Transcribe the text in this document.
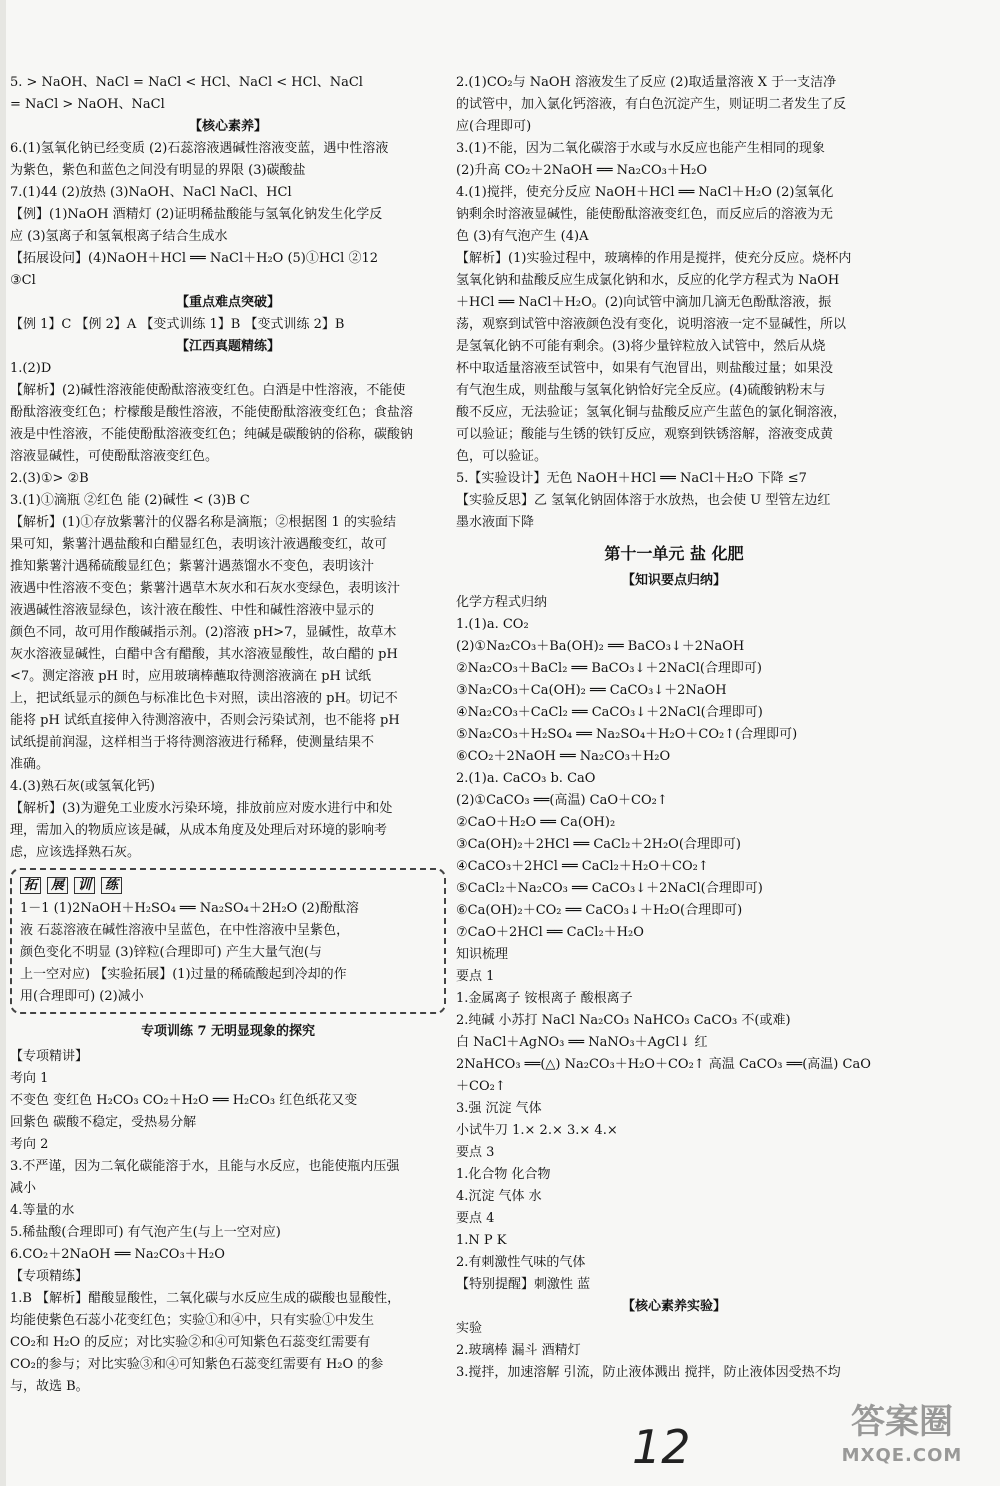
5. > NaOH、NaCl = NaCl < HCl、NaCl < HCl、NaCl
= NaCl > NaOH、NaCl
【核心素养】
6.(1)氢氧化钠已经变质 (2)石蕊溶液遇碱性溶液变蓝，遇中性溶液
为紫色，紫色和蓝色之间没有明显的界限 (3)碳酸盐
7.(1)44 (2)放热 (3)NaOH、NaCl NaCl、HCl
【例】(1)NaOH 酒精灯 (2)证明稀盐酸能与氢氧化钠发生化学反
应 (3)氢离子和氢氧根离子结合生成水
【拓展设问】(4)NaOH＋HCl ══ NaCl＋H₂O (5)①HCl ②12
③Cl
【重点难点突破】
【例 1】C 【例 2】A 【变式训练 1】B 【变式训练 2】B
【江西真题精练】
1.(2)D
【解析】(2)碱性溶液能使酚酞溶液变红色。白酒是中性溶液，不能使
酚酞溶液变红色；柠檬酸是酸性溶液，不能使酚酞溶液变红色；食盐溶
液是中性溶液，不能使酚酞溶液变红色；纯碱是碳酸钠的俗称，碳酸钠
溶液显碱性，可使酚酞溶液变红色。
2.(3)①> ②B
3.(1)①滴瓶 ②红色 能 (2)碱性 < (3)B C
【解析】(1)①存放紫薯汁的仪器名称是滴瓶；②根据图 1 的实验结
果可知，紫薯汁遇盐酸和白醋显红色，表明该汁液遇酸变红，故可
推知紫薯汁遇稀硫酸显红色；紫薯汁遇蒸馏水不变色，表明该汁
液遇中性溶液不变色；紫薯汁遇草木灰水和石灰水变绿色，表明该汁
液遇碱性溶液显绿色，该汁液在酸性、中性和碱性溶液中显示的
颜色不同，故可用作酸碱指示剂。(2)溶液 pH>7，显碱性，故草木
灰水溶液显碱性，白醋中含有醋酸，其水溶液显酸性，故白醋的 pH
<7。测定溶液 pH 时，应用玻璃棒蘸取待测溶液滴在 pH 试纸
上，把试纸显示的颜色与标准比色卡对照，读出溶液的 pH。切记不
能将 pH 试纸直接伸入待测溶液中，否则会污染试剂，也不能将 pH
试纸提前润湿，这样相当于将待测溶液进行稀释，使测量结果不
准确。
4.(3)熟石灰(或氢氧化钙)
【解析】(3)为避免工业废水污染环境，排放前应对废水进行中和处
理，需加入的物质应该是碱，从成本角度及处理后对环境的影响考
虑，应该选择熟石灰。
拓 展 训 练
1－1 (1)2NaOH＋H₂SO₄ ══ Na₂SO₄＋2H₂O (2)酚酞溶
液 石蕊溶液在碱性溶液中呈蓝色，在中性溶液中呈紫色，
颜色变化不明显 (3)锌粒(合理即可) 产生大量气泡(与
上一空对应) 【实验拓展】(1)过量的稀硫酸起到冷却的作
用(合理即可) (2)减小
专项训练 7 无明显现象的探究
【专项精讲】
考向 1
不变色 变红色 H₂CO₃ CO₂＋H₂O ══ H₂CO₃ 红色纸花又变
回紫色 碳酸不稳定，受热易分解
考向 2
3.不严谨，因为二氧化碳能溶于水，且能与水反应，也能使瓶内压强
减小
4.等量的水
5.稀盐酸(合理即可) 有气泡产生(与上一空对应)
6.CO₂＋2NaOH ══ Na₂CO₃＋H₂O
【专项精练】
1.B 【解析】醋酸显酸性，二氧化碳与水反应生成的碳酸也显酸性，
均能使紫色石蕊小花变红色；实验①和④中，只有实验①中发生
CO₂和 H₂O 的反应；对比实验②和④可知紫色石蕊变红需要有
CO₂的参与；对比实验③和④可知紫色石蕊变红需要有 H₂O 的参
与，故选 B。
2.(1)CO₂与 NaOH 溶液发生了反应 (2)取适量溶液 X 于一支洁净
的试管中，加入氯化钙溶液，有白色沉淀产生，则证明二者发生了反
应(合理即可)
3.(1)不能，因为二氧化碳溶于水或与水反应也能产生相同的现象
(2)升高 CO₂＋2NaOH ══ Na₂CO₃＋H₂O
4.(1)搅拌，使充分反应 NaOH＋HCl ══ NaCl＋H₂O (2)氢氧化
钠剩余时溶液显碱性，能使酚酞溶液变红色，而反应后的溶液为无
色 (3)有气泡产生 (4)A
【解析】(1)实验过程中，玻璃棒的作用是搅拌，使充分反应。烧杯内
氢氧化钠和盐酸反应生成氯化钠和水，反应的化学方程式为 NaOH
＋HCl ══ NaCl＋H₂O。(2)向试管中滴加几滴无色酚酞溶液，振
荡，观察到试管中溶液颜色没有变化，说明溶液一定不显碱性，所以
是氢氧化钠不可能有剩余。(3)将少量锌粒放入试管中，然后从烧
杯中取适量溶液至试管中，如果有气泡冒出，则盐酸过量；如果没
有气泡生成，则盐酸与氢氧化钠恰好完全反应。(4)硫酸钠粉末与
酸不反应，无法验证；氢氧化铜与盐酸反应产生蓝色的氯化铜溶液，
可以验证；酸能与生锈的铁钉反应，观察到铁锈溶解，溶液变成黄
色，可以验证。
5.【实验设计】无色 NaOH＋HCl ══ NaCl＋H₂O 下降 ≤7
【实验反思】乙 氢氧化钠固体溶于水放热，也会使 U 型管左边红
墨水液面下降
第十一单元 盐 化肥
【知识要点归纳】
化学方程式归纳
1.(1)a. CO₂
(2)①Na₂CO₃＋Ba(OH)₂ ══ BaCO₃↓＋2NaOH
②Na₂CO₃＋BaCl₂ ══ BaCO₃↓＋2NaCl(合理即可)
③Na₂CO₃＋Ca(OH)₂ ══ CaCO₃↓＋2NaOH
④Na₂CO₃＋CaCl₂ ══ CaCO₃↓＋2NaCl(合理即可)
⑤Na₂CO₃＋H₂SO₄ ══ Na₂SO₄＋H₂O＋CO₂↑(合理即可)
⑥CO₂＋2NaOH ══ Na₂CO₃＋H₂O
2.(1)a. CaCO₃ b. CaO
(2)①CaCO₃ ══(高温) CaO＋CO₂↑
②CaO＋H₂O ══ Ca(OH)₂
③Ca(OH)₂＋2HCl ══ CaCl₂＋2H₂O(合理即可)
④CaCO₃＋2HCl ══ CaCl₂＋H₂O＋CO₂↑
⑤CaCl₂＋Na₂CO₃ ══ CaCO₃↓＋2NaCl(合理即可)
⑥Ca(OH)₂＋CO₂ ══ CaCO₃↓＋H₂O(合理即可)
⑦CaO＋2HCl ══ CaCl₂＋H₂O
知识梳理
要点 1
1.金属离子 铵根离子 酸根离子
2.纯碱 小苏打 NaCl Na₂CO₃ NaHCO₃ CaCO₃ 不(或难)
白 NaCl＋AgNO₃ ══ NaNO₃＋AgCl↓ 红
2NaHCO₃ ══(△) Na₂CO₃＋H₂O＋CO₂↑ 高温 CaCO₃ ══(高温) CaO
＋CO₂↑
3.强 沉淀 气体
小试牛刀 1.× 2.× 3.× 4.×
要点 3
1.化合物 化合物
4.沉淀 气体 水
要点 4
1.N P K
2.有刺激性气味的气体
【特别提醒】刺激性 蓝
【核心素养实验】
实验
2.玻璃棒 漏斗 酒精灯
3.搅拌，加速溶解 引流，防止液体溅出 搅拌，防止液体因受热不均
12	答案圈
MXQE.COM
